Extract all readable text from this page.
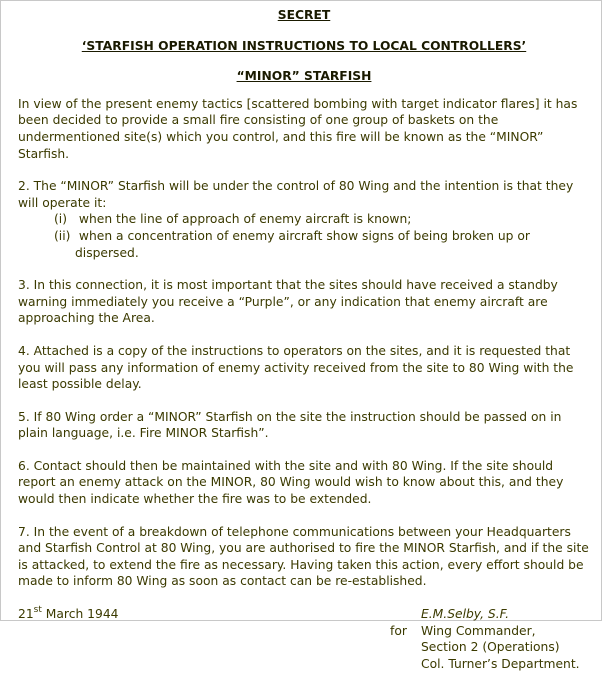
SECRET
‘STARFISH OPERATION INSTRUCTIONS TO LOCAL CONTROLLERS’
“MINOR” STARFISH

In view of the present enemy tactics [scattered bombing with target indicator flares] it has been decided to provide a small fire consisting of one group of baskets on the undermentioned site(s) which you control, and this fire will be known as the “MINOR” Starfish.

2. The “MINOR” Starfish will be under the control of 80 Wing and the intention is that they will operate it:
(i) when the line of approach of enemy aircraft is known;
(ii) when a concentration of enemy aircraft show signs of being broken up or
dispersed.

3. In this connection, it is most important that the sites should have received a standby warning immediately you receive a “Purple”, or any indication that enemy aircraft are approaching the Area.

4. Attached is a copy of the instructions to operators on the sites, and it is requested that you will pass any information of enemy activity received from the site to 80 Wing with the least possible delay.

5. If 80 Wing order a “MINOR” Starfish on the site the instruction should be passed on in plain language, i.e. Fire MINOR Starfish”.

6. Contact should then be maintained with the site and with 80 Wing. If the site should report an enemy attack on the MINOR, 80 Wing would wish to know about this, and they would then indicate whether the fire was to be extended.

7. In the event of a breakdown of telephone communications between your Headquarters and Starfish Control at 80 Wing, you are authorised to fire the MINOR Starfish, and if the site is attacked, to extend the fire as necessary. Having taken this action, every effort should be made to inform 80 Wing as soon as contact can be re-established.

21st March 1944
for
E.M.Selby, S.F.
Wing Commander,
Section 2 (Operations)
Col. Turner’s Department.
